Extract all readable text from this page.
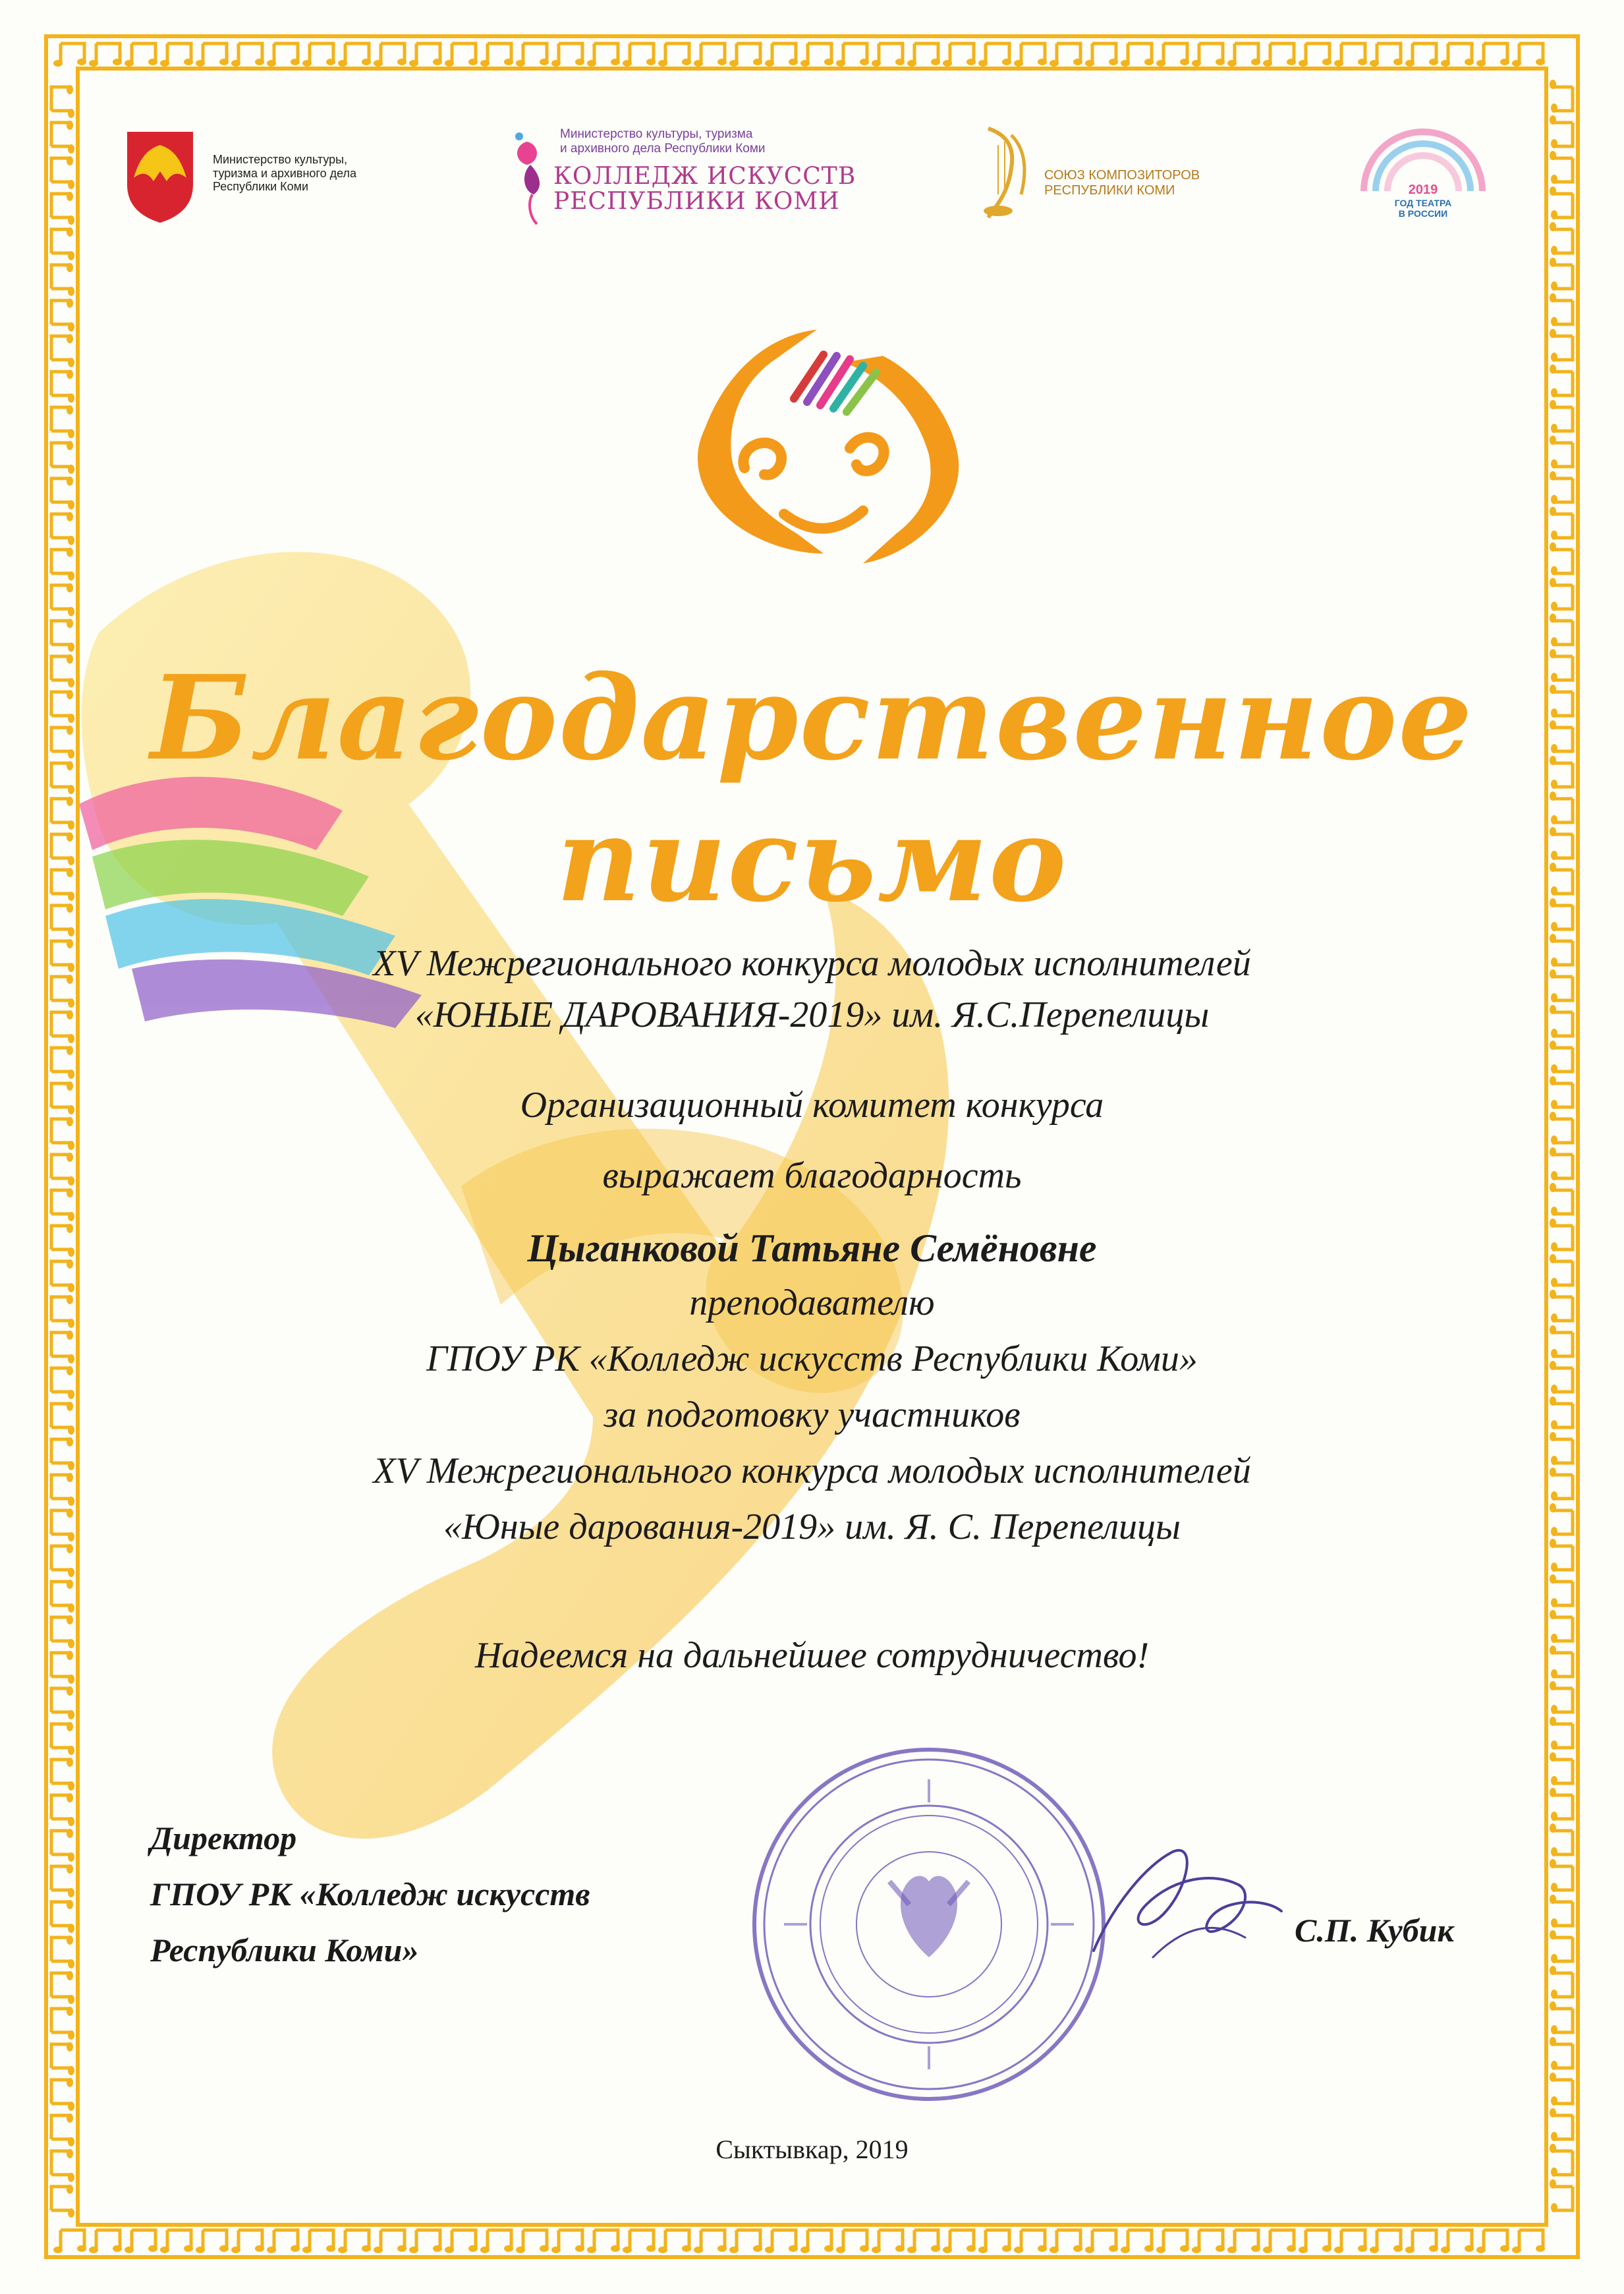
Министерство культуры,
туризма и архивного дела
Республики Коми
Министерство культуры, туризма
и архивного дела Республики Коми
КОЛЛЕДЖ ИСКУССТВ
РЕСПУБЛИКИ КОМИ
СОЮЗ КОМПОЗИТОРОВ
РЕСПУБЛИКИ КОМИ	2019
ГОД ТЕАТРА
В РОССИИ
Благодарственное
письмо
XV Межрегионального конкурса молодых исполнителей
«ЮНЫЕ ДАРОВАНИЯ-2019» им. Я.С.Перепелицы
Организационный комитет конкурса
выражает благодарность
Цыганковой Татьяне Семёновне
преподавателю
ГПОУ РК «Колледж искусств Республики Коми»
за подготовку участников
XV Межрегионального конкурса молодых исполнителей
«Юные дарования-2019» им. Я. С. Перепелицы
Надеемся на дальнейшее сотрудничество!
Директор
ГПОУ РК «Колледж искусств
Республики Коми»
С.П. Кубик
Сыктывкар, 2019
